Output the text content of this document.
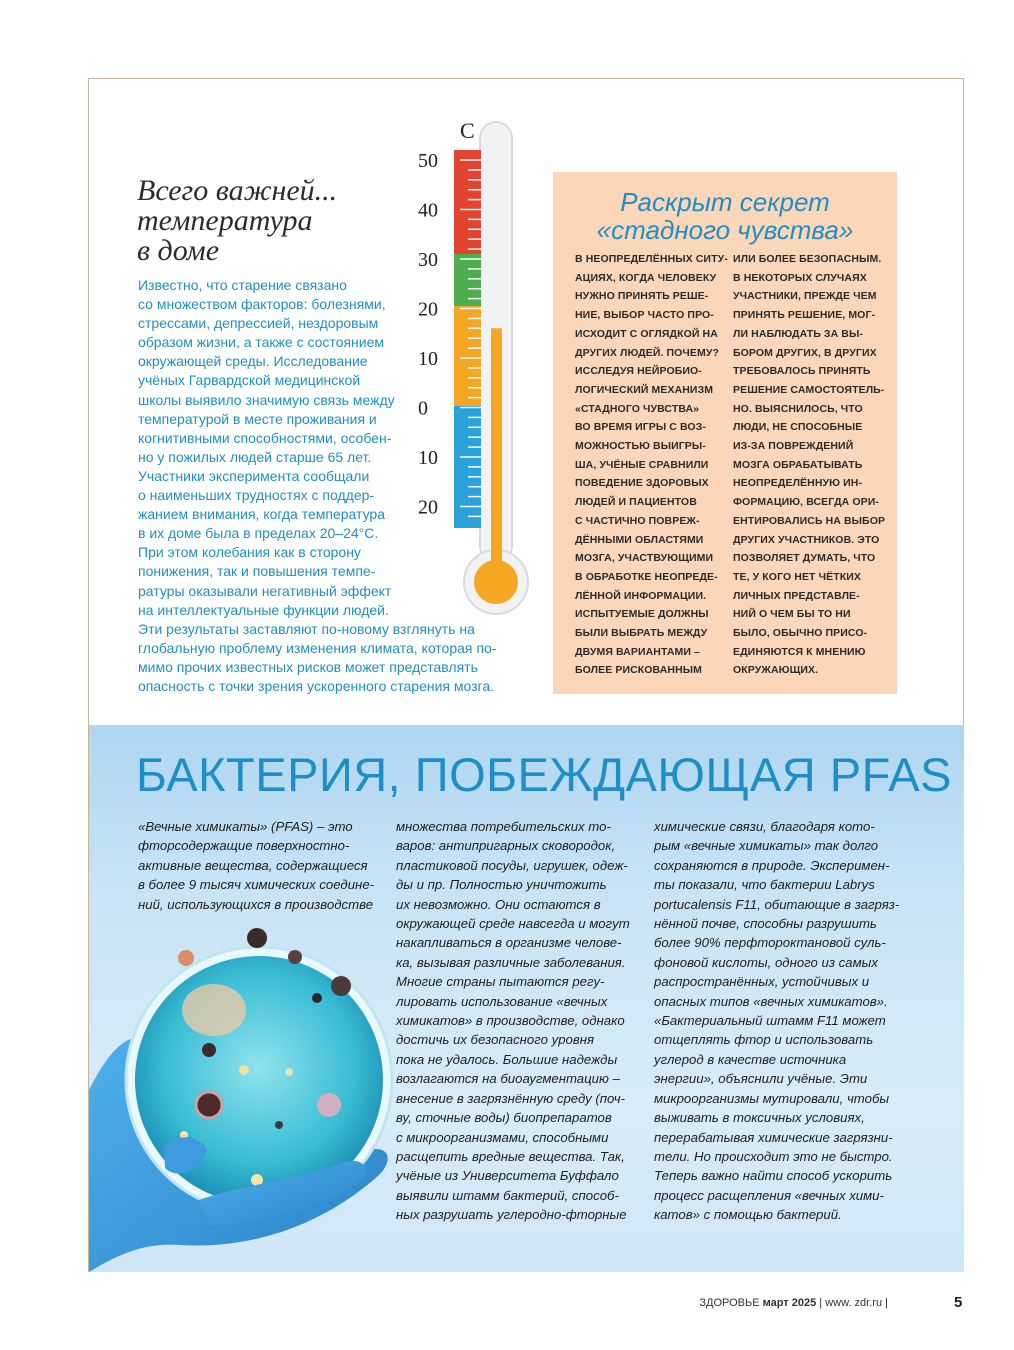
Всего важней...
температура
в доме
Известно, что старение связано
со множеством факторов: болезнями,
стрессами, депрессией, нездоровым
образом жизни, а также с состоянием
окружающей среды. Исследование
учёных Гарвардской медицинской
школы выявило значимую связь между
температурой в месте проживания и
когнитивными способностями, особен-
но у пожилых людей старше 65 лет.
Участники эксперимента сообщали
о наименьших трудностях с поддер-
жанием внимания, когда температура
в их доме была в пределах 20–24°С.
При этом колебания как в сторону
понижения, так и повышения темпе-
ратуры оказывали негативный эффект
на интеллектуальные функции людей.
Эти результаты заставляют по-новому взглянуть на
глобальную проблему изменения климата, которая по-
мимо прочих известных рисков может представлять
опасность с точки зрения ускоренного старения мозга.
С
50
40
30
20
10
0
10
20
Раскрыт секрет
«стадного чувства»
В НЕОПРЕДЕЛЁННЫХ СИТУ-
АЦИЯХ, КОГДА ЧЕЛОВЕКУ
НУЖНО ПРИНЯТЬ РЕШЕ-
НИЕ, ВЫБОР ЧАСТО ПРО-
ИСХОДИТ С ОГЛЯДКОЙ НА
ДРУГИХ ЛЮДЕЙ. ПОЧЕМУ?
ИССЛЕДУЯ НЕЙРОБИО-
ЛОГИЧЕСКИЙ МЕХАНИЗМ
«СТАДНОГО ЧУВСТВА»
ВО ВРЕМЯ ИГРЫ С ВОЗ-
МОЖНОСТЬЮ ВЫИГРЫ-
ША, УЧЁНЫЕ СРАВНИЛИ
ПОВЕДЕНИЕ ЗДОРОВЫХ
ЛЮДЕЙ И ПАЦИЕНТОВ
С ЧАСТИЧНО ПОВРЕЖ-
ДЁННЫМИ ОБЛАСТЯМИ
МОЗГА, УЧАСТВУЮЩИМИ
В ОБРАБОТКЕ НЕОПРЕДЕ-
ЛЁННОЙ ИНФОРМАЦИИ.
ИСПЫТУЕМЫЕ ДОЛЖНЫ
БЫЛИ ВЫБРАТЬ МЕЖДУ
ДВУМЯ ВАРИАНТАМИ –
БОЛЕЕ РИСКОВАННЫМ
ИЛИ БОЛЕЕ БЕЗОПАСНЫМ.
В НЕКОТОРЫХ СЛУЧАЯХ
УЧАСТНИКИ, ПРЕЖДЕ ЧЕМ
ПРИНЯТЬ РЕШЕНИЕ, МОГ-
ЛИ НАБЛЮДАТЬ ЗА ВЫ-
БОРОМ ДРУГИХ, В ДРУГИХ
ТРЕБОВАЛОСЬ ПРИНЯТЬ
РЕШЕНИЕ САМОСТОЯТЕЛЬ-
НО. ВЫЯСНИЛОСЬ, ЧТО
ЛЮДИ, НЕ СПОСОБНЫЕ
ИЗ-ЗА ПОВРЕЖДЕНИЙ
МОЗГА ОБРАБАТЫВАТЬ
НЕОПРЕДЕЛЁННУЮ ИН-
ФОРМАЦИЮ, ВСЕГДА ОРИ-
ЕНТИРОВАЛИСЬ НА ВЫБОР
ДРУГИХ УЧАСТНИКОВ. ЭТО
ПОЗВОЛЯЕТ ДУМАТЬ, ЧТО
ТЕ, У КОГО НЕТ ЧЁТКИХ
ЛИЧНЫХ ПРЕДСТАВЛЕ-
НИЙ О ЧЕМ БЫ ТО НИ
БЫЛО, ОБЫЧНО ПРИСО-
ЕДИНЯЮТСЯ К МНЕНИЮ
ОКРУЖАЮЩИХ.
БАКТЕРИЯ, ПОБЕЖДАЮЩАЯ PFAS
«Вечные химикаты» (PFAS) – это
фторсодержащие поверхностно-
активные вещества, содержащиеся
в более 9 тысяч химических соедине-
ний, использующихся в производстве
множества потребительских то-
варов: антипригарных сковородок,
пластиковой посуды, игрушек, одеж-
ды и пр. Полностью уничтожить
их невозможно. Они остаются в
окружающей среде навсегда и могут
накапливаться в организме челове-
ка, вызывая различные заболевания.
Многие страны пытаются регу-
лировать использование «вечных
химикатов» в производстве, однако
достичь их безопасного уровня
пока не удалось. Большие надежды
возлагаются на биоаугментацию –
внесение в загрязнённую среду (поч-
ву, сточные воды) биопрепаратов
с микроорганизмами, способными
расщепить вредные вещества. Так,
учёные из Университета Буффало
выявили штамм бактерий, способ-
ных разрушать углеродно-фторные
химические связи, благодаря кото-
рым «вечные химикаты» так долго
сохраняются в природе. Эксперимен-
ты показали, что бактерии Labrys
portucalensis F11, обитающие в загряз-
нённой почве, способны разрушить
более 90% перфтороктановой суль-
фоновой кислоты, одного из самых
распространённых, устойчивых и
опасных типов «вечных химикатов».
«Бактериальный штамм F11 может
отщеплять фтор и использовать
углерод в качестве источника
энергии», объяснили учёные. Эти
микроорганизмы мутировали, чтобы
выживать в токсичных условиях,
перерабатывая химические загрязни-
тели. Но происходит это не быстро.
Теперь важно найти способ ускорить
процесс расщепления «вечных хими-
катов» с помощью бактерий.
ЗДОРОВЬЕ март 2025 | www. zdr.ru |	5
